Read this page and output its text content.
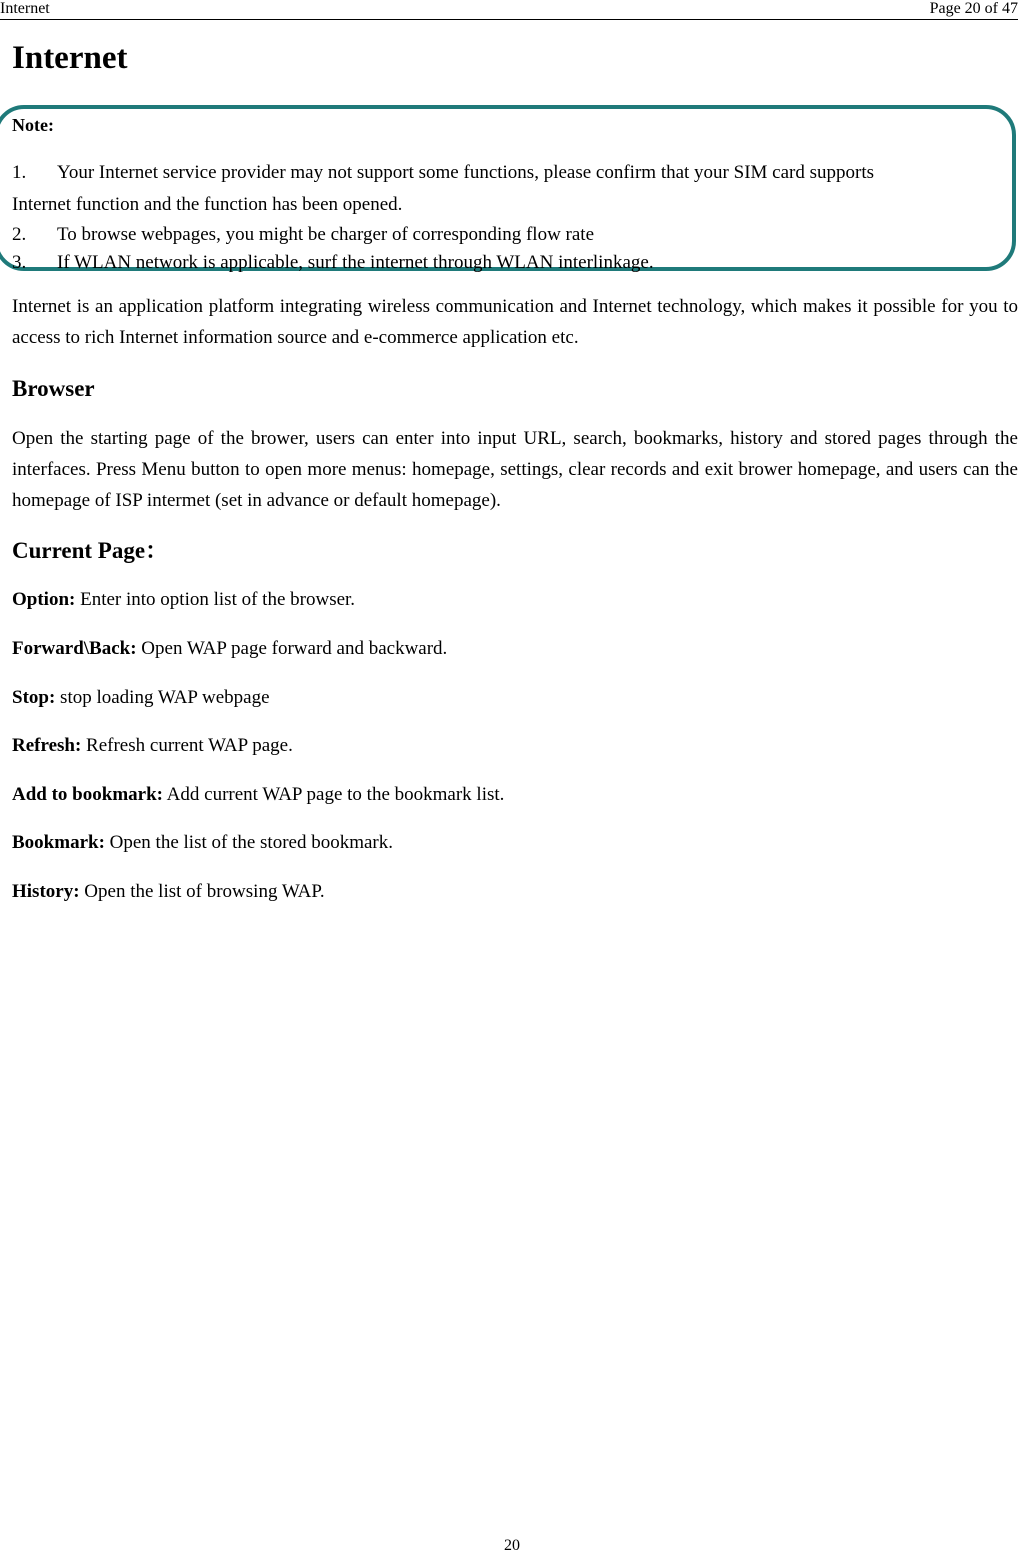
Internet	Page 20 of 47
Internet
Note:
1.	Your Internet service provider may not support some functions, please confirm that your SIM card supports
Internet function and the function has been opened.
2.	To browse webpages, you might be charger of corresponding flow rate
3.	If WLAN network is applicable, surf the internet through WLAN interlinkage.

Internet is an application platform integrating wireless communication and Internet technology, which makes it possible for you to access to rich Internet information source and e-commerce application etc.

Browser

Open the starting page of the brower, users can enter into input URL, search, bookmarks, history and stored pages through the interfaces. Press Menu button to open more menus: homepage, settings, clear records and exit brower homepage, and users can the homepage of ISP intermet (set in advance or default homepage).

Current Page：
Option: Enter into option list of the browser.
Forward\Back: Open WAP page forward and backward.
Stop: stop loading WAP webpage
Refresh: Refresh current WAP page.
Add to bookmark: Add current WAP page to the bookmark list.
Bookmark: Open the list of the stored bookmark.
History: Open the list of browsing WAP.
20
